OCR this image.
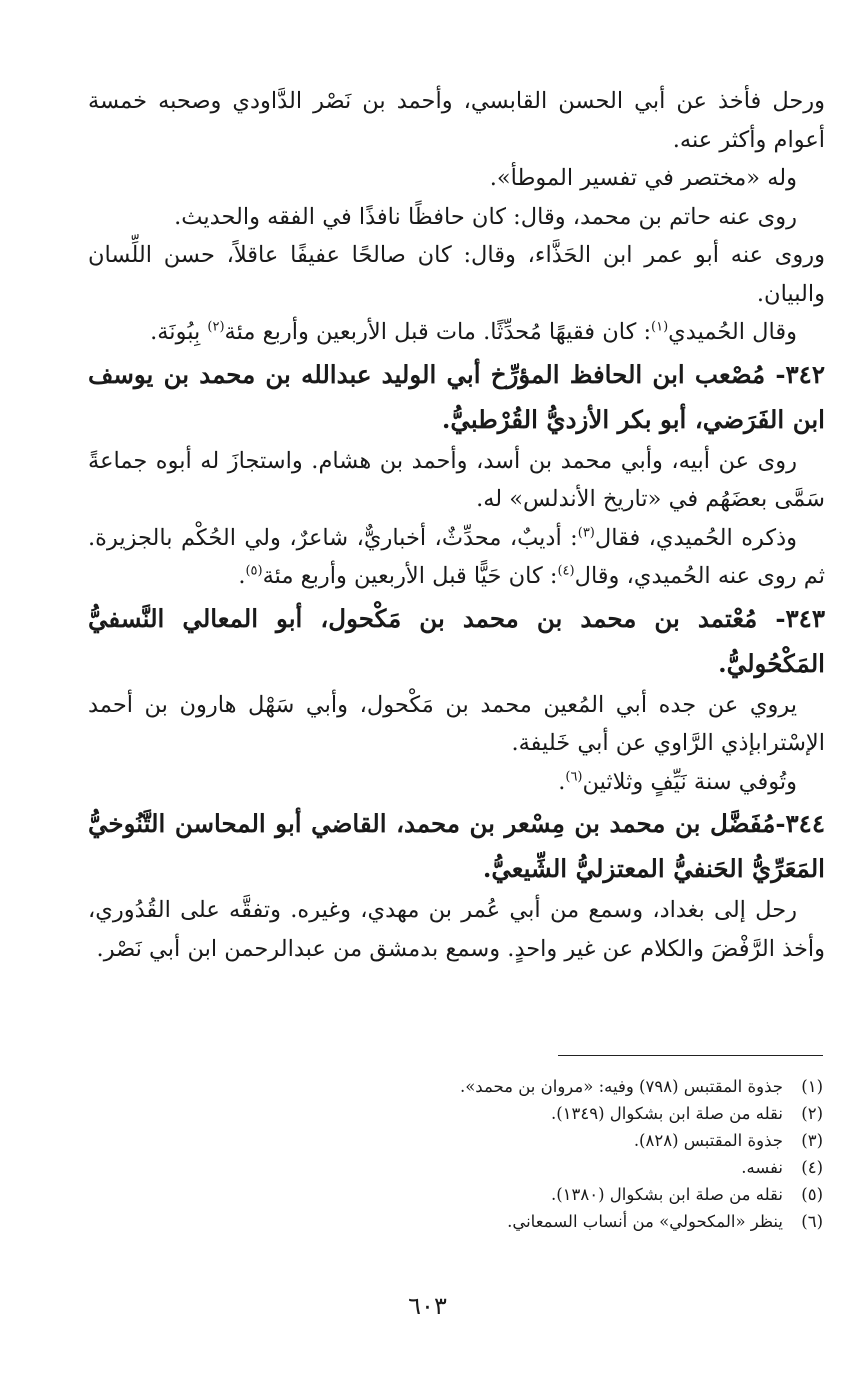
ورحل فأخذ عن أبي الحسن القابسي، وأحمد بن نَصْر الدَّاودي وصحبه خمسة أعوام وأكثر عنه.

وله «مختصر في تفسير الموطأ».

روى عنه حاتم بن محمد، وقال: كان حافظًا نافذًا في الفقه والحديث.

وروى عنه أبو عمر ابن الحَذَّاء، وقال: كان صالحًا عفيفًا عاقلاً، حسن اللِّسان والبيان.

وقال الحُميدي$^{(١)}$: كان فقيهًا مُحدِّثًا. مات قبل الأربعين وأربع مئة$^{(٢)}$ بِبُونَة.

٣٤٢- مُصْعب ابن الحافظ المؤرِّخ أبي الوليد عبدالله بن محمد بن يوسف ابن الفَرَضي، أبو بكر الأزديُّ القُرْطبيُّ.

روى عن أبيه، وأبي محمد بن أسد، وأحمد بن هشام. واستجازَ له أبوه جماعةً سَمَّى بعضَهُم في «تاريخ الأندلس» له.

وذكره الحُميدي، فقال$^{(٣)}$: أديبٌ، محدِّثٌ، أخباريٌّ، شاعرٌ، ولي الحُكْم بالجزيرة. ثم روى عنه الحُميدي، وقال$^{(٤)}$: كان حَيًّا قبل الأربعين وأربع مئة$^{(٥)}$.

٣٤٣- مُعْتمد بن محمد بن محمد بن مَكْحول، أبو المعالي النَّسفيُّ المَكْحُوليُّ.

يروي عن جده أبي المُعين محمد بن مَكْحول، وأبي سَهْل هارون بن أحمد الإسْترابإذي الرَّاوي عن أبي خَليفة.

وتُوفي سنة نَيِّفٍ وثلاثين$^{(٦)}$.

٣٤٤-مُفَضَّل بن محمد بن مِسْعر بن محمد، القاضي أبو المحاسن التَّنُوخيُّ المَعَرِّيُّ الحَنفيُّ المعتزليُّ الشِّيعيُّ.

رحل إلى بغداد، وسمع من أبي عُمر بن مهدي، وغيره. وتفقَّه على القُدُوري، وأخذ الرَّفْضَ والكلام عن غير واحدٍ. وسمع بدمشق من عبدالرحمن ابن أبي نَصْر.

(١)
جذوة المقتبس (٧٩٨) وفيه: «مروان بن محمد».

(٢)
نقله من صلة ابن بشكوال (١٣٤٩).

(٣)
جذوة المقتبس (٨٢٨).

(٤)
نفسه.

(٥)
نقله من صلة ابن بشكوال (١٣٨٠).

(٦)
ينظر «المكحولي» من أنساب السمعاني.

٦٠٣
